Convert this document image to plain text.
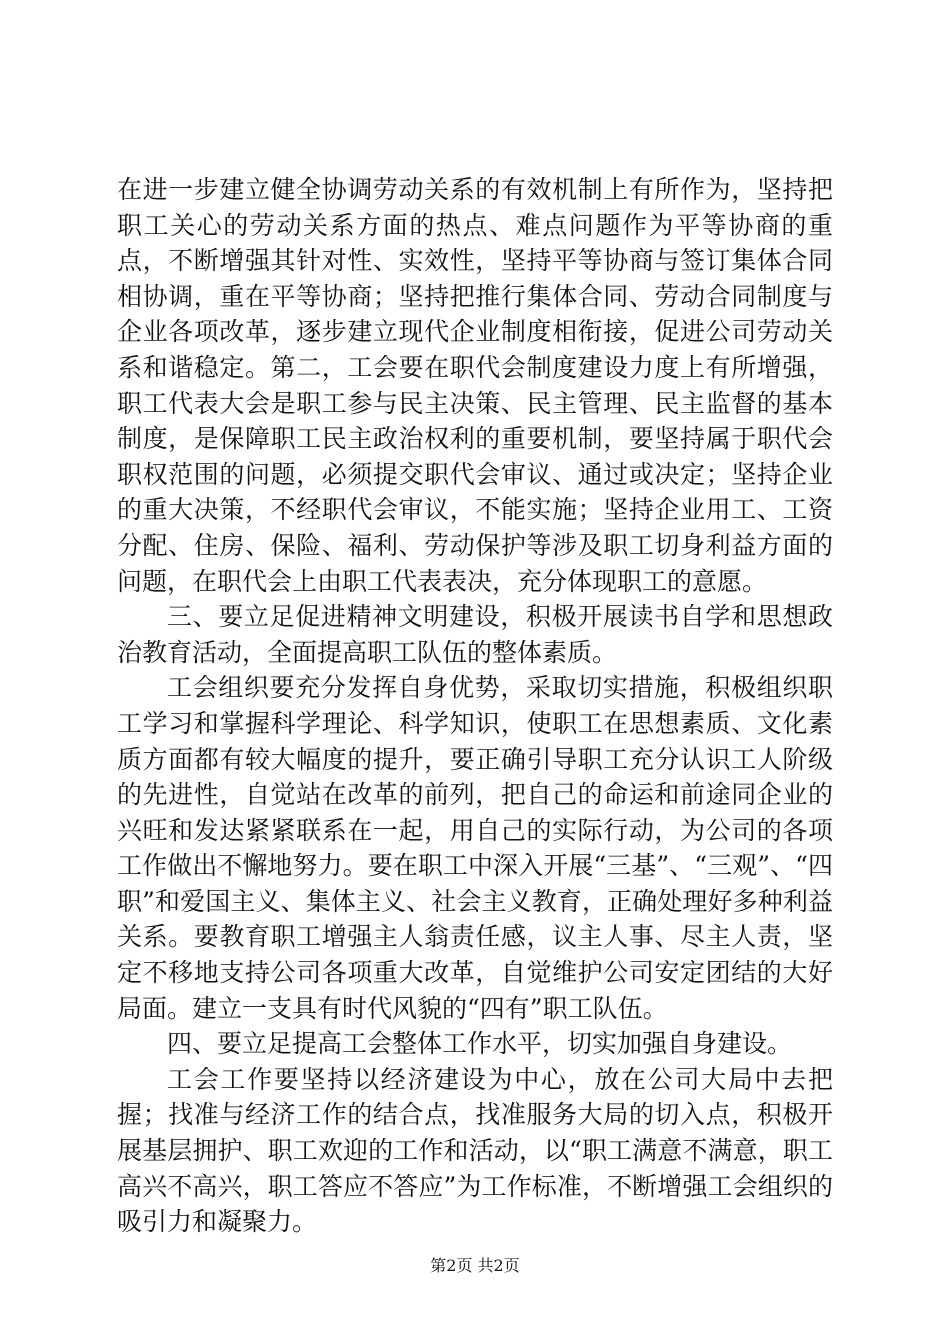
在进一步建立健全协调劳动关系的有效机制上有所作为，坚持把职工关心的劳动关系方面的热点、难点问题作为平等协商的重点，不断增强其针对性、实效性，坚持平等协商与签订集体合同相协调，重在平等协商；坚持把推行集体合同、劳动合同制度与企业各项改革，逐步建立现代企业制度相衔接，促进公司劳动关系和谐稳定。第二，工会要在职代会制度建设力度上有所增强，职工代表大会是职工参与民主决策、民主管理、民主监督的基本制度，是保障职工民主政治权利的重要机制，要坚持属于职代会职权范围的问题，必须提交职代会审议、通过或决定；坚持企业的重大决策，不经职代会审议，不能实施；坚持企业用工、工资分配、住房、保险、福利、劳动保护等涉及职工切身利益方面的问题，在职代会上由职工代表表决，充分体现职工的意愿。

三、要立足促进精神文明建设，积极开展读书自学和思想政治教育活动，全面提高职工队伍的整体素质。

工会组织要充分发挥自身优势，采取切实措施，积极组织职工学习和掌握科学理论、科学知识，使职工在思想素质、文化素质方面都有较大幅度的提升，要正确引导职工充分认识工人阶级的先进性，自觉站在改革的前列，把自己的命运和前途同企业的兴旺和发达紧紧联系在一起，用自己的实际行动，为公司的各项工作做出不懈地努力。要在职工中深入开展“三基”、“三观”、“四职”和爱国主义、集体主义、社会主义教育，正确处理好多种利益关系。要教育职工增强主人翁责任感，议主人事、尽主人责，坚定不移地支持公司各项重大改革，自觉维护公司安定团结的大好局面。建立一支具有时代风貌的“四有”职工队伍。

四、要立足提高工会整体工作水平，切实加强自身建设。

工会工作要坚持以经济建设为中心，放在公司大局中去把握；找准与经济工作的结合点，找准服务大局的切入点，积极开展基层拥护、职工欢迎的工作和活动，以“职工满意不满意，职工高兴不高兴，职工答应不答应”为工作标准，不断增强工会组织的吸引力和凝聚力。

第2页 共2页
